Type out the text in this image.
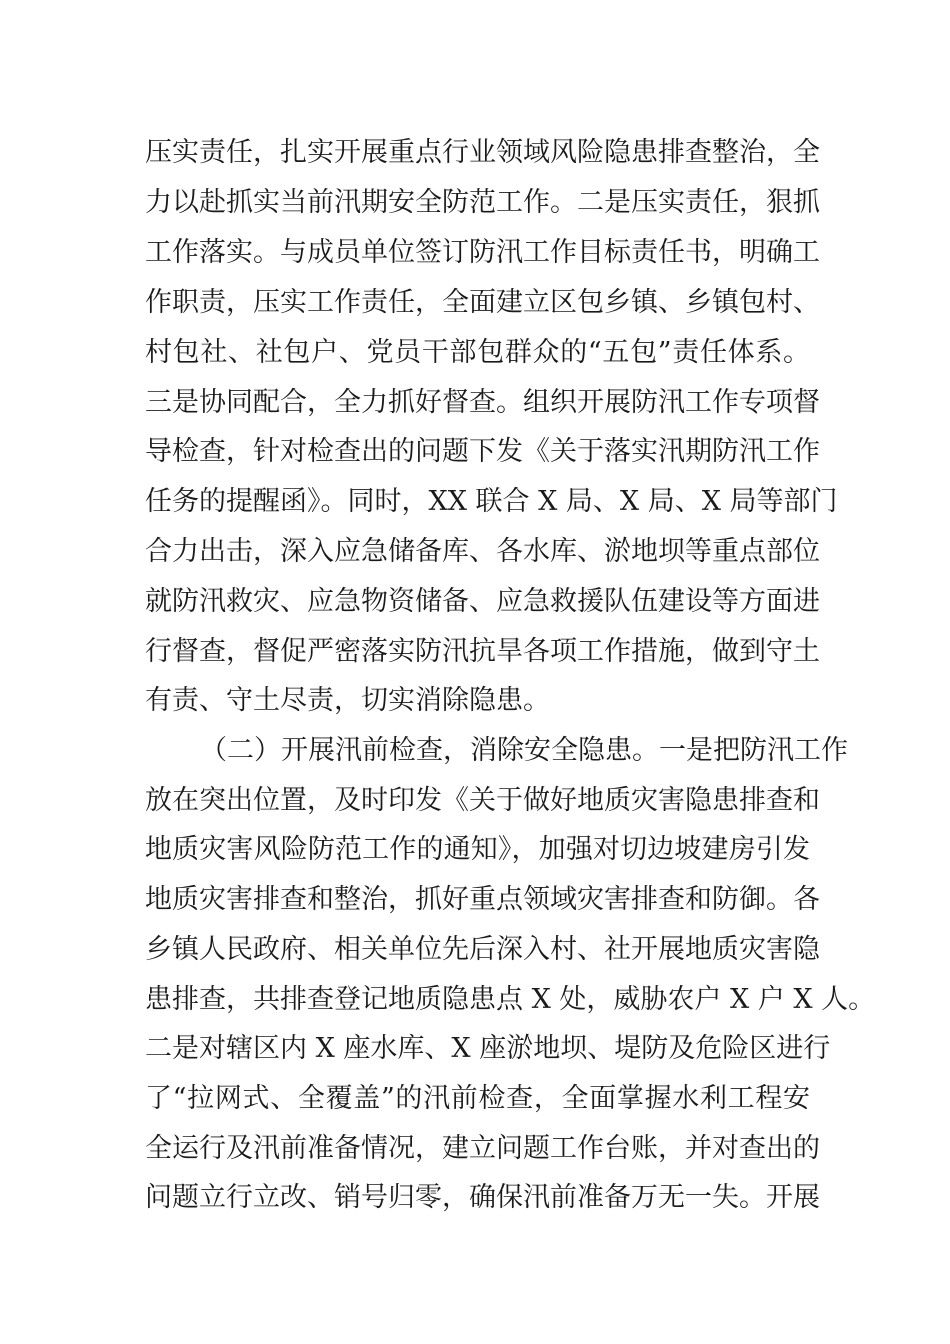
压实责任，扎实开展重点行业领域风险隐患排查整治，全
力以赴抓实当前汛期安全防范工作。二是压实责任，狠抓
工作落实。与成员单位签订防汛工作目标责任书，明确工
作职责，压实工作责任，全面建立区包乡镇、乡镇包村、
村包社、社包户、党员干部包群众的“五包”责任体系。
三是协同配合，全力抓好督查。组织开展防汛工作专项督
导检查，针对检查出的问题下发《关于落实汛期防汛工作
任务的提醒函》。同时，XX 联合 X 局、X 局、X 局等部门
合力出击，深入应急储备库、各水库、淤地坝等重点部位
就防汛救灾、应急物资储备、应急救援队伍建设等方面进
行督查，督促严密落实防汛抗旱各项工作措施，做到守土
有责、守土尽责，切实消除隐患。
（二）开展汛前检查，消除安全隐患。一是把防汛工作
放在突出位置，及时印发《关于做好地质灾害隐患排查和
地质灾害风险防范工作的通知》，加强对切边坡建房引发
地质灾害排查和整治，抓好重点领域灾害排查和防御。各
乡镇人民政府、相关单位先后深入村、社开展地质灾害隐
患排查，共排查登记地质隐患点 X 处，威胁农户 X 户 X 人。
二是对辖区内 X 座水库、X 座淤地坝、堤防及危险区进行
了“拉网式、全覆盖”的汛前检查，全面掌握水利工程安
全运行及汛前准备情况，建立问题工作台账，并对查出的
问题立行立改、销号归零，确保汛前准备万无一失。开展
